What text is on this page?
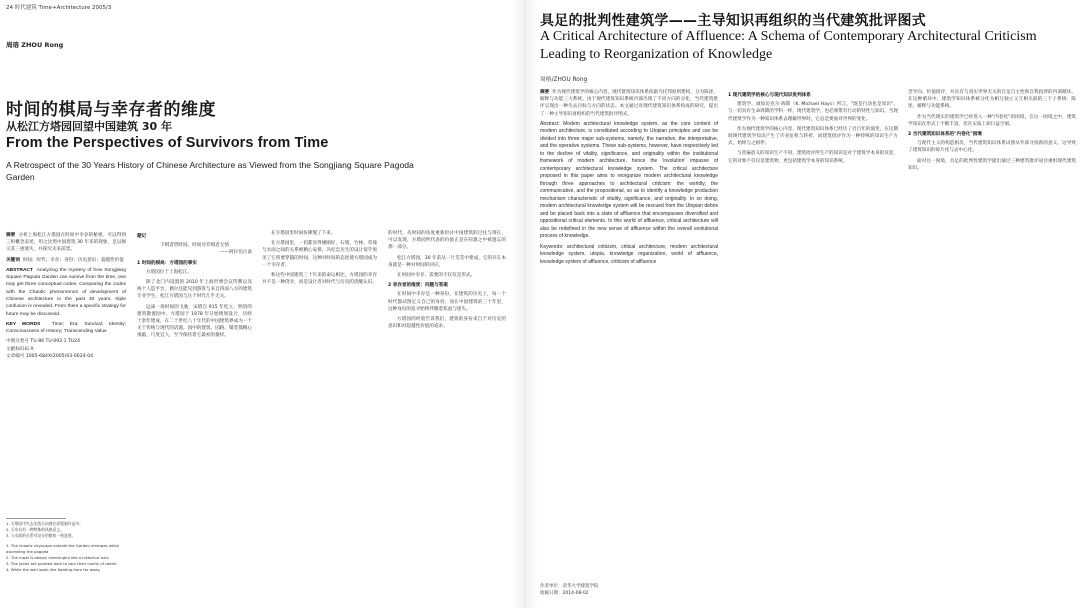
24 时代建筑 Time+Architecture 2005/3
周瑢 ZHOU Rong
时间的棋局与幸存者的维度
从松江方塔园回望中国建筑 30 年
From the Perspectives of Survivors from Time
A Retrospect of the 30 Years History of Chinese Architecture as Viewed from the Songjiang Square Pagoda Garden

摘要 分析上海松江方塔园在时间中幸存的秘密，可以得到三组概念表述，用之比照中国建筑 30 年来的现象，足以揭示其三重迷失，并探究未来前景。

关键词 时间；时代；幸存；身份；历史意识；超越性价值

ABSTRACT Analyzing the mystery of how Songjiang Square Pagoda Garden can survive from the time, one may get three conceptual codes. Comparing the codes with the Chaotic phenomenon of development of Chinese architecture in the past 30 years, triple confusion is revealed. From them a specific strategy for future may be discussed.

KEY WORDS Time; Era; Survival; Identity; Consciousness of History; Transcending Value

中图分类号 TU-86 TU-092.1 TU24
文献标识码 A
文章编号 1005-684X(2005)03-0024-04
1. 方塔园中失去光线方向感在原版画作品中。
2. 石亭具有一种特殊的风格意义。
3. 与水面的关系对设计的整体一致意图。
1. The chaotic cityscape outside the Garden emerges while ascending the pagoda
2. The moat is deeply meaningful like a historical axis.
3. The joints are pointed dark to tour their clarity of detail.
4. While the wall looks like floating from far away.
题记
下棋者皆时间，时间对弈棋者无情
——阿拉伯古谚
1 时间的棋局：方塔园的事实

方塔园位于上海松江。

除了北门内设置的 2010 年上海世博会宣传牌以及两个人造平台，偶尔还能见到游客与来自四面八方的建筑专业学生，松江方塔园与这个时代几乎无关。

远离一场时间的飞驰，宋塔自 915 年屹立，明清的建筑散置园中。方塔园于 1978 年开始规划设计，历经十余年建成，在二十世纪八十年代的中国建筑界成为一个关于传统与现代的话题。园中的建筑、园路、铺装都精心推敲，尺度宜人，至今保持着它最初的模样。

在方塔园里时间仿佛慢了下来。

在方塔园里，一切都显得刚刚好，石墙、竹林、草坡与水面之间的关系被精心安排。冯纪忠先生的设计似乎预见了它将要穿越的时间，这种对时间的态度使方塔园成为一个幸存者。

和这些中国建筑三十年来的命运相比，方塔园的幸存并不是一种侥幸，而是设计者对时代与历史的清醒认识。

的时代，从时间的角度重新检讨中国建筑的过往与现在，可以发现，方塔园所代表的价值正是在喧嚣之中被遗忘的那一部分。

松江方塔园，30 年前从一片荒芜中建成，它的存在本身就是一种对时间的回应。

在时间中幸存，需要的不仅仅是形式。

2 幸存者的维度：问题与答案

在时间中幸存是一种身份。在建筑的历史上，每一个时代都试图定义自己的身份，而在中国建筑的三十年里，这种身份的追寻始终伴随着焦虑与迷失。

方塔园的经验告诉我们，建筑的身份来自于对历史的意识和对超越性价值的追求。

具足的批判性建筑学——主导知识再组织的当代建筑批评图式
A Critical Architecture of Affluence: A Schema of Contemporary Architectural Criticism Leading to Reorganization of Knowledge
周榕/ZHOU Rong

摘要 作为现代建筑学的核心内容，现代建筑知识体系依据乌托邦原则建构，分为陈述、解释与功能三大系统。由于现代建筑知识系统内部出现了不同方向的分化，当代建筑批评呈现出一种失去目标与方向的状态。本文通过对现代建筑知识体系构成的研究，提出了一种主导知识再组织的当代建筑批评图式。

Abstract: Modern architectural knowledge system, as the core content of modern architecture, is constituted according to Utopian principles and can be divided into three major sub-systems, namely, the narrative, the interpretative, and the operative systems. These sub-systems, however, have respectively led to the decline of vitality, significance, and originality within the institutional framework of modern architecture, hence the 'involution' impasse of contemporary architectural knowledge system. The critical architecture proposed in this paper aims to reorganize modern architectural knowledge through three approaches to architectural criticism: the worldly, the communicative, and the propositional, so as to identify a knowledge production mechanism characteristic of vitality, significance, and originality. In so doing, modern architectural knowledge system will be rescued from the Utopian debris and be placed back into a state of affluence that encompasses diversified and oppositional critical elements. In this world of affluence, critical architecture will also be redefined in the new sense of affluence within the overall evolutional process of knowledge.

Keywords: architectural criticism, critical architecture, modern architectural knowledge system, utopia, knowledge organization, world of affluence, knowledge system of affluence, criticism of affluence

1 现代建筑学的核心与现代知识批判体系

建筑学，诚如迈克尔·海斯（K. Michael Hays）所言，"既是行动也是知识"。与一切具有生命周期的学科一样，现代建筑学，也必须带有行动的特性与知识。当现代建筑学作为一种知识体系去理解世界时，它总是要面对世界的变化。

作为现代建筑学的核心内容，现代建筑知识体系已经历了近百年的演变，在这期间现代建筑学知识产生了许多危机与转折，而建筑批评作为一种特殊的知识生产方式，始终与之相伴。

与普遍意义的知识生产不同，建筑批评所生产的知识是对于建筑学本身的反思，它的对象不仅仅是建筑物，更包括建筑学本身的知识系统。

念导向、价值批评，并具有与真实世界无关的自足自主性和自我指涉的内部循环。在这种循环中，建筑学知识体系被分化为相互独立又互相关联的三个子系统：陈述、解释与功能系统。

作为当代现实的建筑学已经进入一种"内卷化"的困境，在这一困境之中，建筑学知识在形式上不断丰富，但在实质上却日益空洞。

2 当代建筑知识体系的"内卷化"困境

与现代主义的构造相反，当代建筑知识体系试图从外部寻找新的意义，这导致了建筑知识的碎片化与去中心化。

面对这一困境，具足的批判性建筑学提出通过三种建筑批评途径重组现代建筑知识。

作者单位：清华大学建筑学院
收稿日期：2014-08-02
